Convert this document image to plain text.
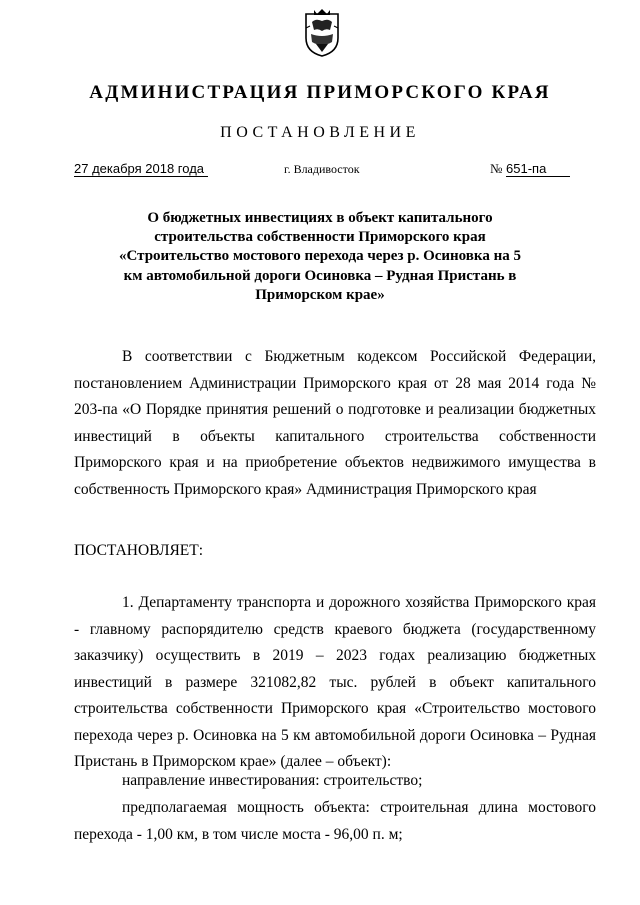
АДМИНИСТРАЦИЯ ПРИМОРСКОГО КРАЯ
ПОСТАНОВЛЕНИЕ
27 декабря 2018 года	г. Владивосток	№ 651-па
О бюджетных инвестициях в объект капитального строительства собственности Приморского края «Строительство мостового перехода через р. Осиновка на 5 км автомобильной дороги Осиновка – Рудная Пристань в Приморском крае»
В соответствии с Бюджетным кодексом Российской Федерации, постановлением Администрации Приморского края от 28 мая 2014 года № 203-па «О Порядке принятия решений о подготовке и реализации бюджетных инвестиций в объекты капитального строительства собственности Приморского края и на приобретение объектов недвижимого имущества в собственность Приморского края» Администрация Приморского края
ПОСТАНОВЛЯЕТ:
1. Департаменту транспорта и дорожного хозяйства Приморского края - главному распорядителю средств краевого бюджета (государственному заказчику) осуществить в 2019 – 2023 годах реализацию бюджетных инвестиций в размере 321082,82 тыс. рублей в объект капитального строительства собственности Приморского края «Строительство мостового перехода через р. Осиновка на 5 км автомобильной дороги Осиновка – Рудная Пристань в Приморском крае» (далее – объект):
направление инвестирования: строительство;
предполагаемая мощность объекта: строительная длина мостового перехода - 1,00 км, в том числе моста - 96,00 п. м;
